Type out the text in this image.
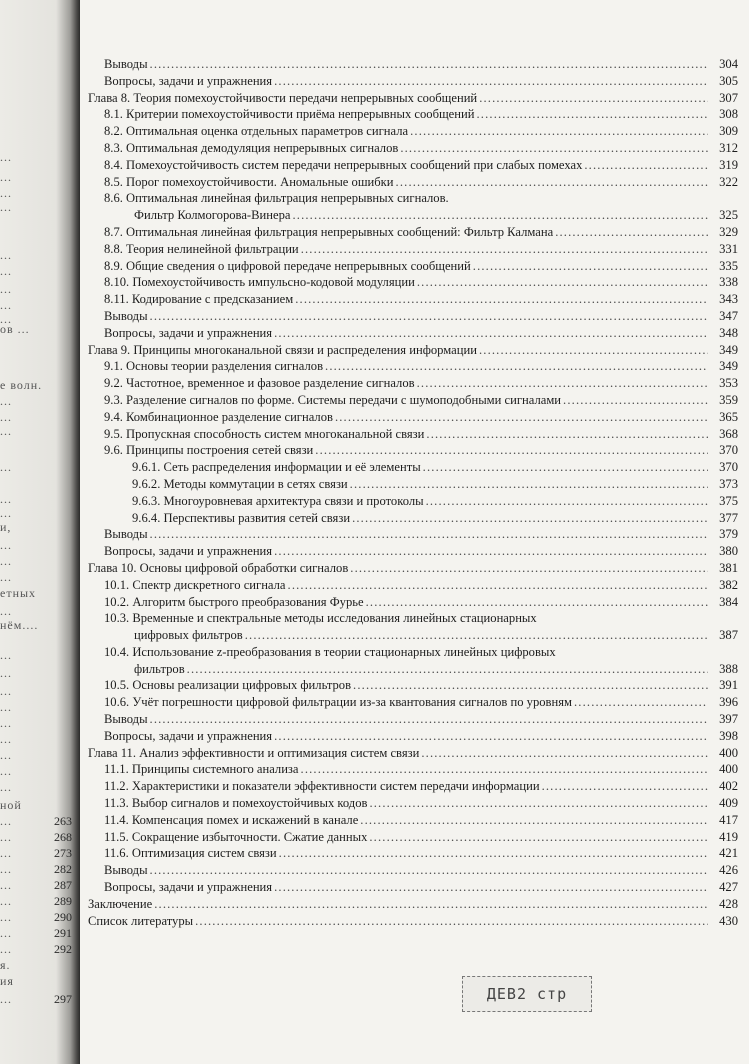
...
...
...
...
...
...
...
...
...
ов ...
е волн.
...
...
...
...
...
...
и,
...
...
...
етных
...
нём....
...
...
...
...
...
...
...
...
...
ной
...	263
...	268
...	273
...	282
...	287
...	289
...	290
...	291
...	292
я.
ия
...	297
Выводы . . .	304
Вопросы, задачи и упражнения . . .	305
Глава 8. Теория помехоустойчивости передачи непрерывных сообщений . . .	307
8.1. Критерии помехоустойчивости приёма непрерывных сообщений . . .	308
8.2. Оптимальная оценка отдельных параметров сигнала . . .	309
8.3. Оптимальная демодуляция непрерывных сигналов . . .	312
8.4. Помехоустойчивость систем передачи непрерывных сообщений при слабых помехах . . .	319
8.5. Порог помехоустойчивости. Аномальные ошибки . . .	322
8.6. Оптимальная линейная фильтрация непрерывных сигналов.
Фильтр Колмогорова-Винера . . .	325
8.7. Оптимальная линейная фильтрация непрерывных сообщений: Фильтр Калмана . . .	329
8.8. Теория нелинейной фильтрации . . .	331
8.9. Общие сведения о цифровой передаче непрерывных сообщений . . .	335
8.10. Помехоустойчивость импульсно-кодовой модуляции . . .	338
8.11. Кодирование с предсказанием . . .	343
Выводы . . .	347
Вопросы, задачи и упражнения . . .	348
Глава 9. Принципы многоканальной связи и распределения информации . . .	349
9.1. Основы теории разделения сигналов . . .	349
9.2. Частотное, временное и фазовое разделение сигналов . . .	353
9.3. Разделение сигналов по форме. Системы передачи с шумоподобными сигналами . . .	359
9.4. Комбинационное разделение сигналов . . .	365
9.5. Пропускная способность систем многоканальной связи . . .	368
9.6. Принципы построения сетей связи . . .	370
9.6.1. Сеть распределения информации и её элементы . . .	370
9.6.2. Методы коммутации в сетях связи . . .	373
9.6.3. Многоуровневая архитектура связи и протоколы . . .	375
9.6.4. Перспективы развития сетей связи . . .	377
Выводы . . .	379
Вопросы, задачи и упражнения . . .	380
Глава 10. Основы цифровой обработки сигналов . . .	381
10.1. Спектр дискретного сигнала . . .	382
10.2. Алгоритм быстрого преобразования Фурье . . .	384
10.3. Временные и спектральные методы исследования линейных стационарных
цифровых фильтров . . .	387
10.4. Использование z-преобразования в теории стационарных линейных цифровых
фильтров . . .	388
10.5. Основы реализации цифровых фильтров . . .	391
10.6. Учёт погрешности цифровой фильтрации из-за квантования сигналов по уровням . . .	396
Выводы . . .	397
Вопросы, задачи и упражнения . . .	398
Глава 11. Анализ эффективности и оптимизация систем связи . . .	400
11.1. Принципы системного анализа . . .	400
11.2. Характеристики и показатели эффективности систем передачи информации . . .	402
11.3. Выбор сигналов и помехоустойчивых кодов . . .	409
11.4. Компенсация помех и искажений в канале . . .	417
11.5. Сокращение избыточности. Сжатие данных . . .	419
11.6. Оптимизация систем связи . . .	421
Выводы . . .	426
Вопросы, задачи и упражнения . . .	427
Заключение . . .	428
Список литературы . . .	430
ДЕВ2 стр
